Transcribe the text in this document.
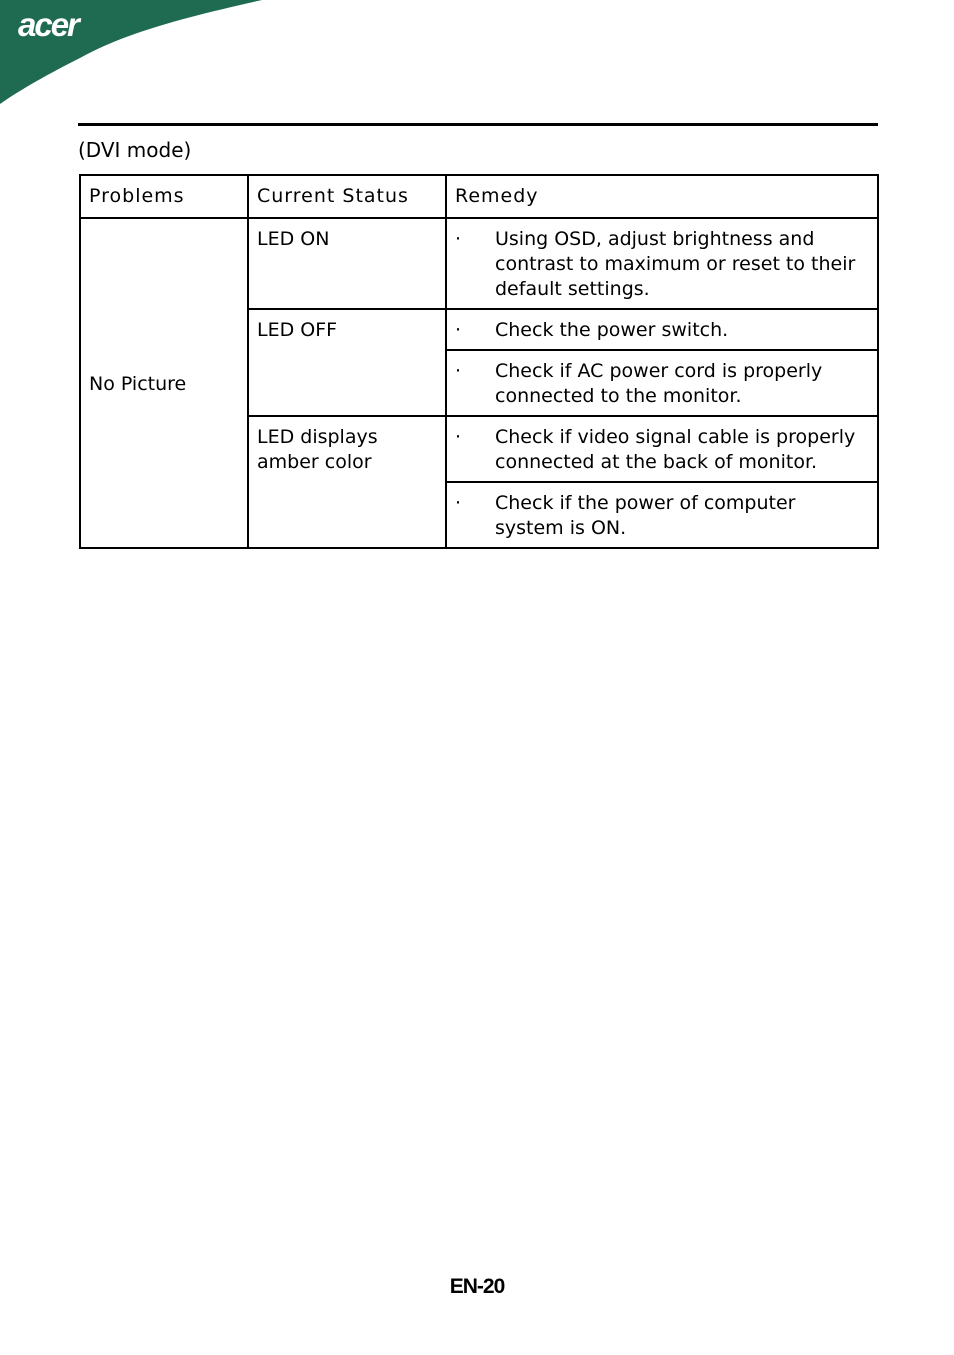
acer
(DVI mode)
Problems	Current Status	Remedy
No Picture	LED ON	· Using OSD, adjust brightness and contrast to maximum or reset to their default settings.

	LED OFF	· Check the power switch.

		· Check if AC power cord is properly connected to the monitor.

	LED displays amber color	· Check if video signal cable is properly connected at the back of monitor.

		· Check if the power of computer system is ON.
EN-20
